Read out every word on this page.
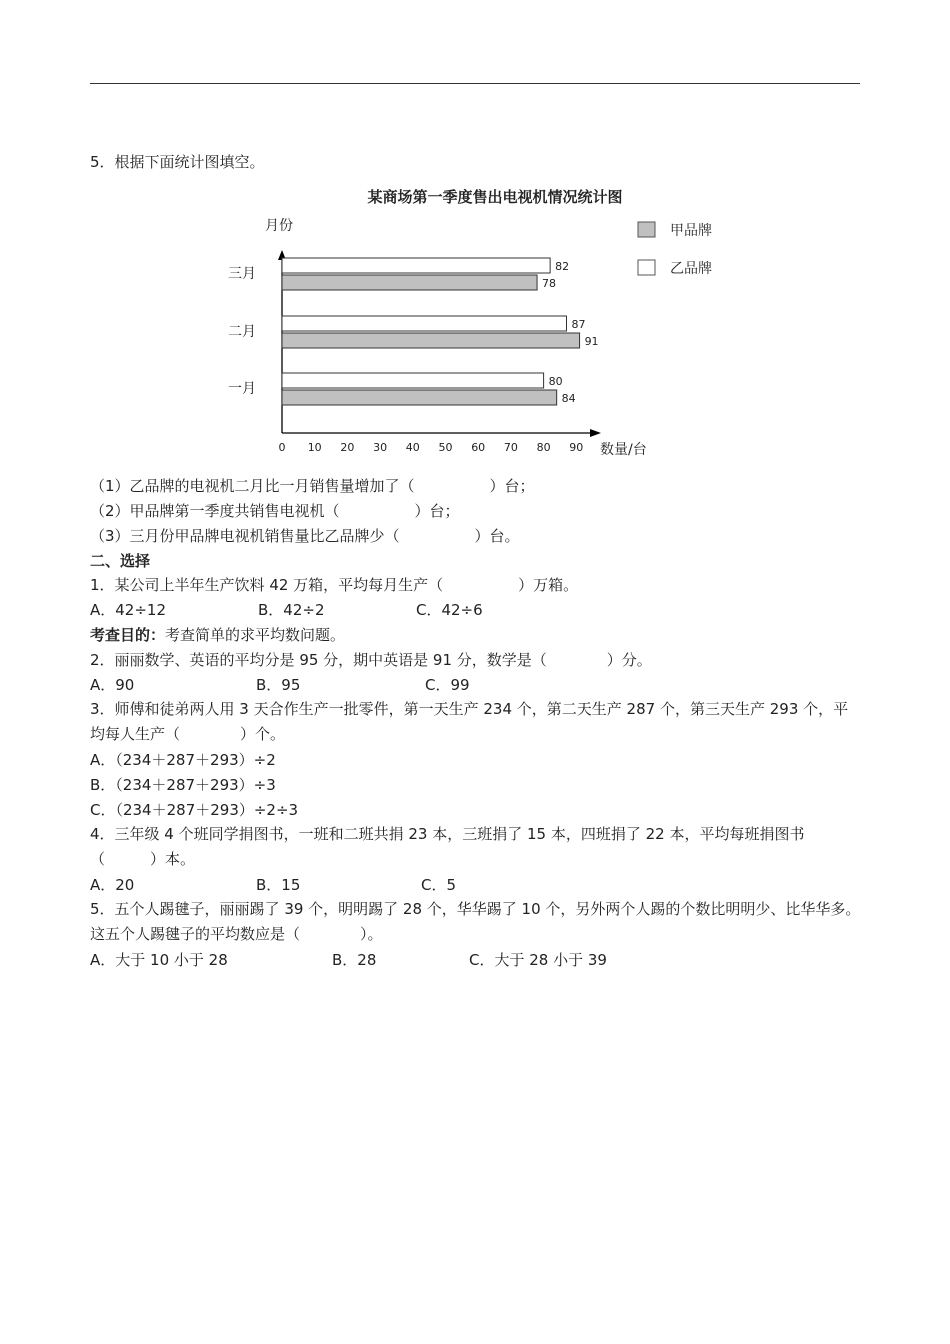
5．根据下面统计图填空。
某商场第一季度售出电视机情况统计图
月份
数量/台
三月
二月
一月
82
78
87
91
80
84
0 10 20 30 40 50 60 70 80 90
甲品牌
乙品牌
（1）乙品牌的电视机二月比一月销售量增加了（　　　　　）台；
（2）甲品牌第一季度共销售电视机（　　　　　）台；
（3）三月份甲品牌电视机销售量比乙品牌少（　　　　　）台。
二、选择
1．某公司上半年生产饮料 42 万箱，平均每月生产（　　　　　）万箱。
A．42÷12	B．42÷2	C．42÷6
考查目的：考查简单的求平均数问题。
2．丽丽数学、英语的平均分是 95 分，期中英语是 91 分，数学是（　　　　）分。
A．90	B．95	C．99
3．师傅和徒弟两人用 3 天合作生产一批零件，第一天生产 234 个，第二天生产 287 个，第三天生产 293 个，平均每人生产（　　　　）个。
A．（234＋287＋293）÷2
B．（234＋287＋293）÷3
C．（234＋287＋293）÷2÷3
4．三年级 4 个班同学捐图书，一班和二班共捐 23 本，三班捐了 15 本，四班捐了 22 本，平均每班捐图书（　　　）本。
A．20	B．15	C．5
5．五个人踢毽子，丽丽踢了 39 个，明明踢了 28 个，华华踢了 10 个，另外两个人踢的个数比明明少、比华华多。这五个人踢毽子的平均数应是（　　　　）。
A．大于 10 小于 28	B．28	C．大于 28 小于 39
